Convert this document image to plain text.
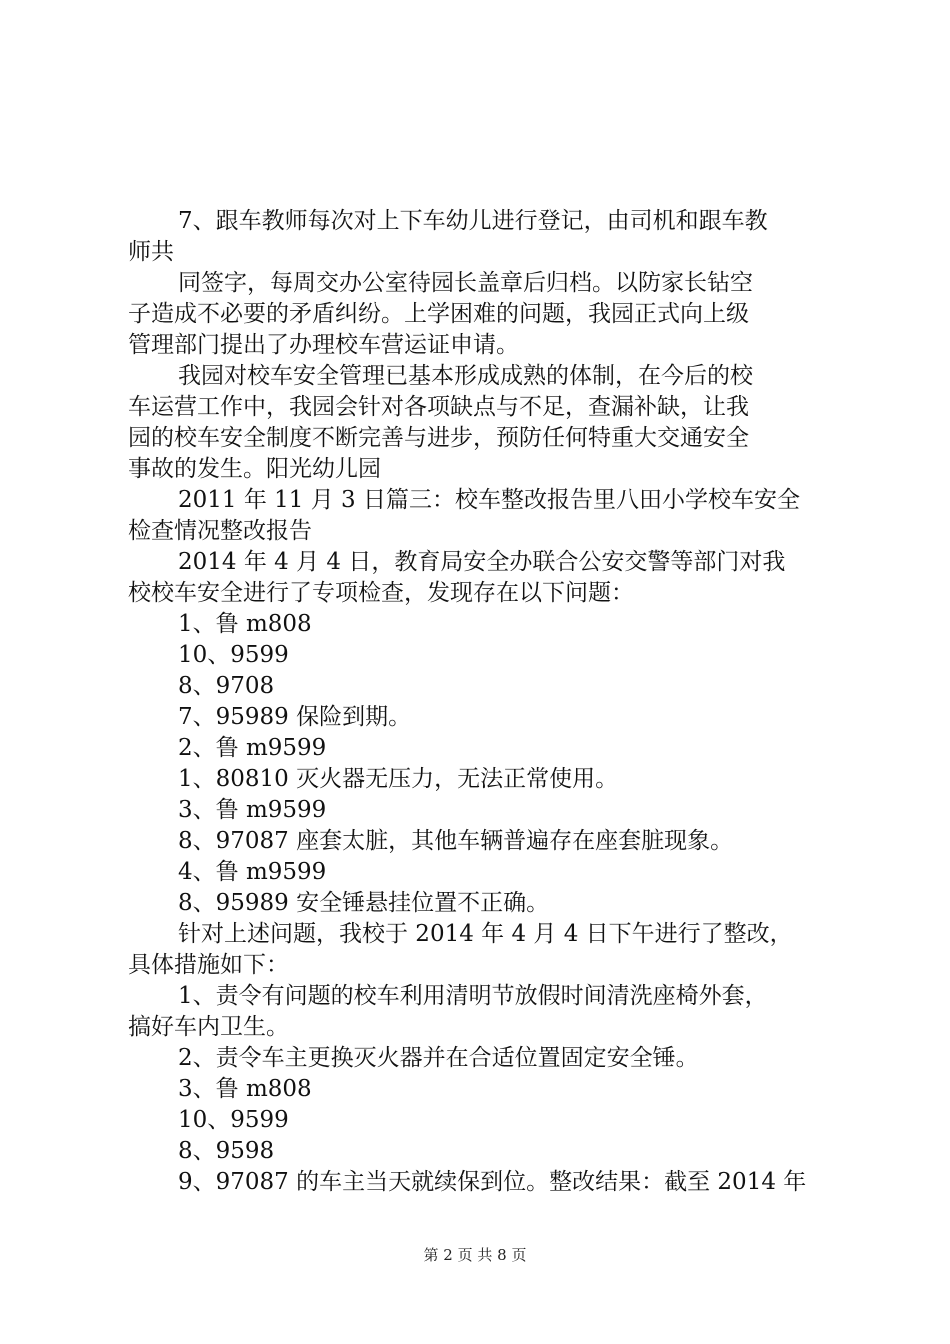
7、跟车教师每次对上下车幼儿进行登记，由司机和跟车教
师共
同签字，每周交办公室待园长盖章后归档。以防家长钻空
子造成不必要的矛盾纠纷。上学困难的问题，我园正式向上级
管理部门提出了办理校车营运证申请。
我园对校车安全管理已基本形成成熟的体制，在今后的校
车运营工作中，我园会针对各项缺点与不足，查漏补缺，让我
园的校车安全制度不断完善与进步，预防任何特重大交通安全
事故的发生。阳光幼儿园
2011 年 11 月 3 日篇三：校车整改报告里八田小学校车安全
检查情况整改报告
2014 年 4 月 4 日，教育局安全办联合公安交警等部门对我
校校车安全进行了专项检查，发现存在以下问题：
1、鲁 m808
10、9599
8、9708
7、95989 保险到期。
2、鲁 m9599
1、80810 灭火器无压力，无法正常使用。
3、鲁 m9599
8、97087 座套太脏，其他车辆普遍存在座套脏现象。
4、鲁 m9599
8、95989 安全锤悬挂位置不正确。
针对上述问题，我校于 2014 年 4 月 4 日下午进行了整改，
具体措施如下：
1、责令有问题的校车利用清明节放假时间清洗座椅外套，
搞好车内卫生。
2、责令车主更换灭火器并在合适位置固定安全锤。
3、鲁 m808
10、9599
8、9598
9、97087 的车主当天就续保到位。整改结果：截至 2014 年
第 2 页 共 8 页
